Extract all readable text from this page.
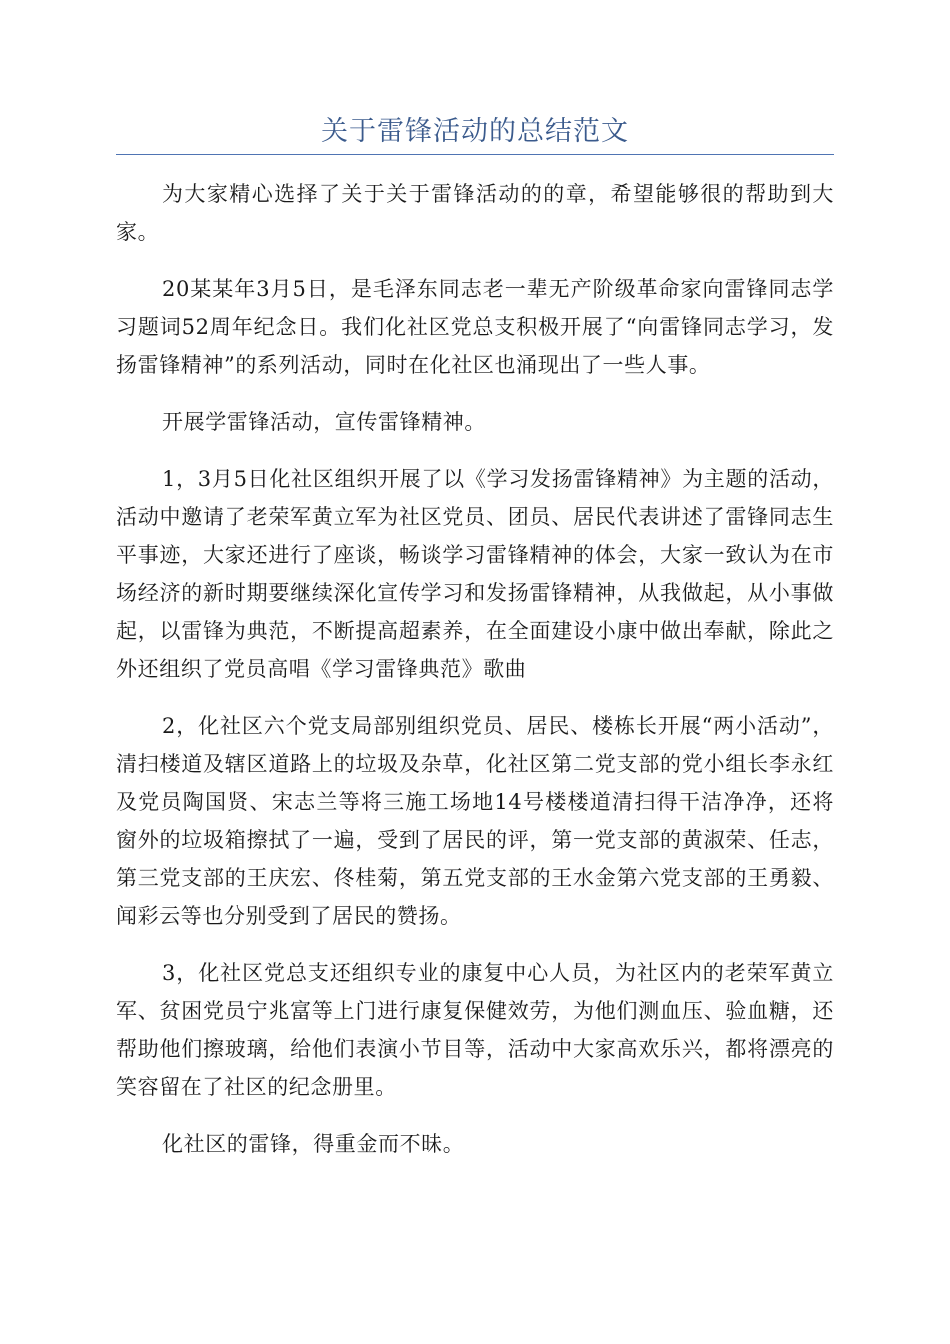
关于雷锋活动的总结范文

为大家精心选择了关于关于雷锋活动的的章，希望能够很的帮助到大家。

20某某年3月5日，是毛泽东同志老一辈无产阶级革命家向雷锋同志学习题词52周年纪念日。我们化社区党总支积极开展了“向雷锋同志学习，发扬雷锋精神”的系列活动，同时在化社区也涌现出了一些人事。

开展学雷锋活动，宣传雷锋精神。

1，3月5日化社区组织开展了以《学习发扬雷锋精神》为主题的活动，活动中邀请了老荣军黄立军为社区党员、团员、居民代表讲述了雷锋同志生平事迹，大家还进行了座谈，畅谈学习雷锋精神的体会，大家一致认为在市场经济的新时期要继续深化宣传学习和发扬雷锋精神，从我做起，从小事做起，以雷锋为典范，不断提高超素养，在全面建设小康中做出奉献，除此之外还组织了党员高唱《学习雷锋典范》歌曲

2，化社区六个党支局部别组织党员、居民、楼栋长开展“两小活动”，清扫楼道及辖区道路上的垃圾及杂草，化社区第二党支部的党小组长李永红及党员陶国贤、宋志兰等将三施工场地14号楼楼道清扫得干洁净净，还将窗外的垃圾箱擦拭了一遍，受到了居民的评，第一党支部的黄淑荣、任志，第三党支部的王庆宏、佟桂菊，第五党支部的王水金第六党支部的王勇毅、闻彩云等也分别受到了居民的赞扬。

3，化社区党总支还组织专业的康复中心人员，为社区内的老荣军黄立军、贫困党员宁兆富等上门进行康复保健效劳，为他们测血压、验血糖，还帮助他们擦玻璃，给他们表演小节目等，活动中大家高欢乐兴，都将漂亮的笑容留在了社区的纪念册里。

化社区的雷锋，得重金而不昧。
